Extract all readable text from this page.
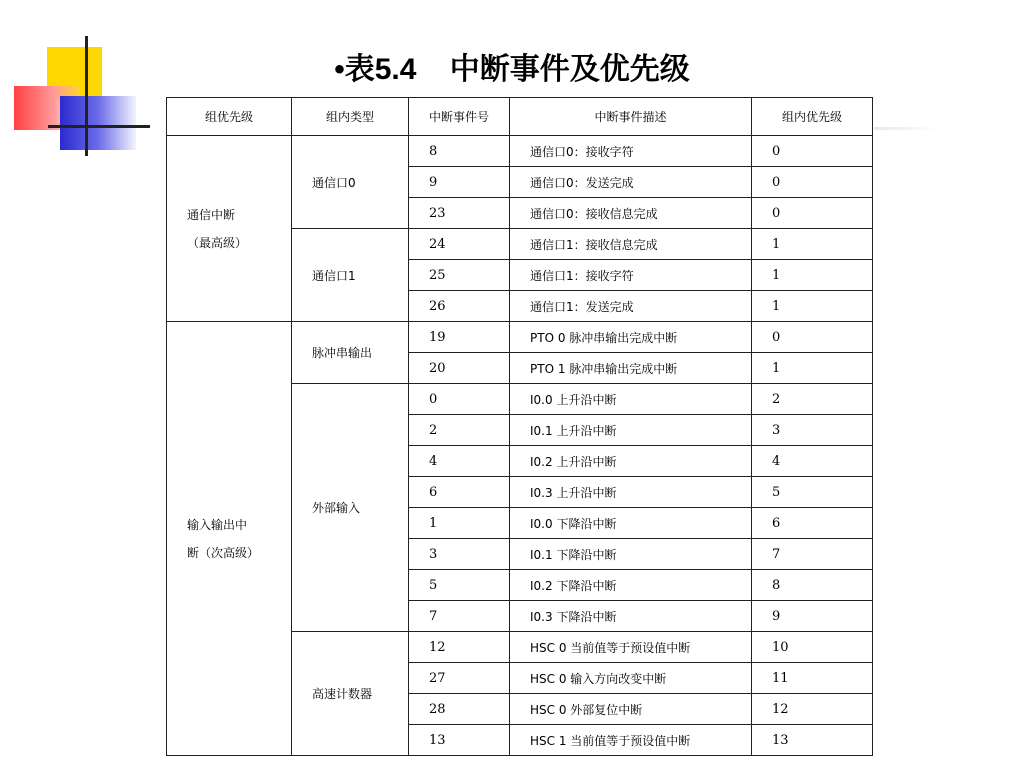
•表5.4 中断事件及优先级
组优先级	组内类型	中断事件号	中断事件描述	组内优先级

通信中断
（最高级）	通信口0	8	通信口0：接收字符	0
		9	通信口0：发送完成	0
		23	通信口0：接收信息完成	0
	通信口1	24	通信口1：接收信息完成	1
		25	通信口1：接收字符	1
		26	通信口1：发送完成	1

输入输出中
断（次高级）	脉冲串输出	19	PTO 0 脉冲串输出完成中断	0
		20	PTO 1 脉冲串输出完成中断	1
	外部输入	0	I0.0 上升沿中断	2
		2	I0.1 上升沿中断	3
		4	I0.2 上升沿中断	4
		6	I0.3 上升沿中断	5
		1	I0.0 下降沿中断	6
		3	I0.1 下降沿中断	7
		5	I0.2 下降沿中断	8
		7	I0.3 下降沿中断	9
	高速计数器	12	HSC 0 当前值等于预设值中断	10
		27	HSC 0 输入方向改变中断	11
		28	HSC 0 外部复位中断	12
		13	HSC 1 当前值等于预设值中断	13
